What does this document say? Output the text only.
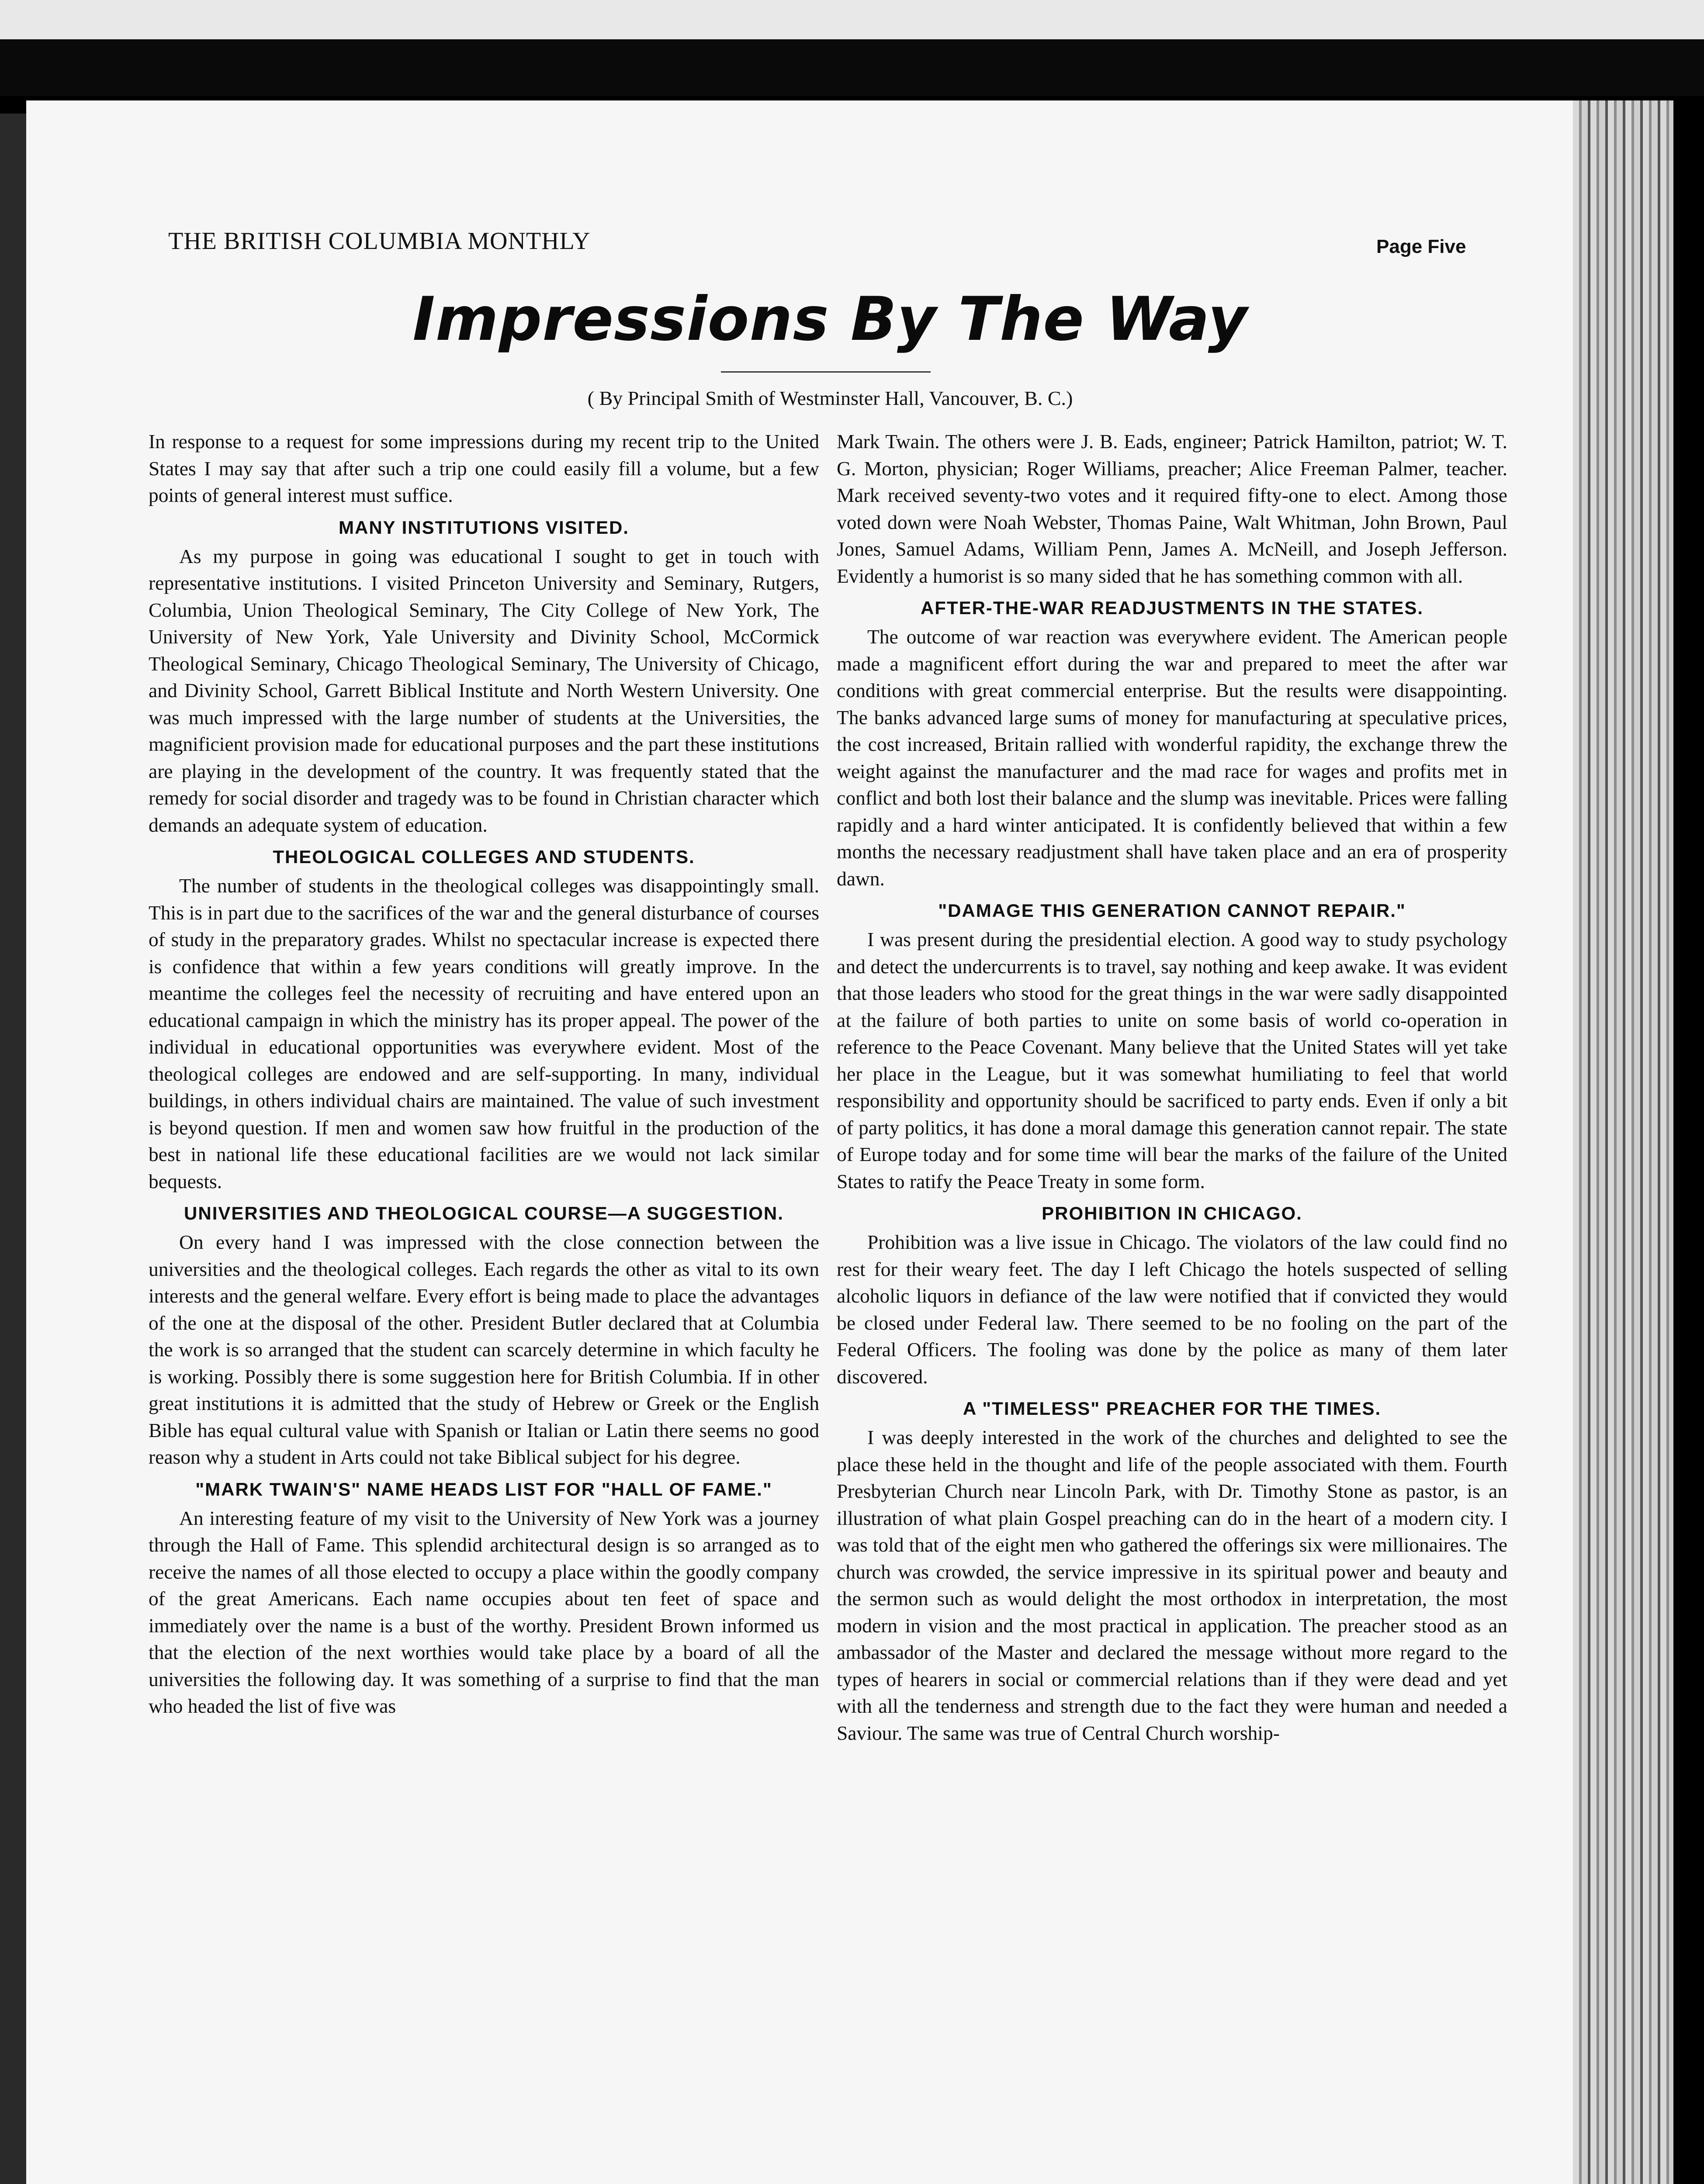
THE BRITISH COLUMBIA MONTHLY	Page Five
Impressions By The Way
( By Principal Smith of Westminster Hall, Vancouver, B. C.)

In response to a request for some impressions during my recent trip to the United States I may say that after such a trip one could easily fill a volume, but a few points of general interest must suffice.

MANY INSTITUTIONS VISITED.

As my purpose in going was educational I sought to get in touch with representative institutions. I visited Princeton University and Seminary, Rutgers, Columbia, Union Theological Seminary, The City College of New York, The University of New York, Yale University and Divinity School, McCormick Theological Seminary, Chicago Theological Seminary, The University of Chicago, and Divinity School, Garrett Biblical Institute and North Western University. One was much impressed with the large number of students at the Universities, the magnificient provision made for educational purposes and the part these institutions are playing in the development of the country. It was frequently stated that the remedy for social disorder and tragedy was to be found in Christian character which demands an adequate system of education.

THEOLOGICAL COLLEGES AND STUDENTS.

The number of students in the theological colleges was disappointingly small. This is in part due to the sacrifices of the war and the general disturbance of courses of study in the preparatory grades. Whilst no spectacular increase is expected there is confidence that within a few years conditions will greatly improve. In the meantime the colleges feel the necessity of recruiting and have entered upon an educational campaign in which the ministry has its proper appeal. The power of the individual in educational opportunities was everywhere evident. Most of the theological colleges are endowed and are self-supporting. In many, individual buildings, in others individual chairs are maintained. The value of such investment is beyond question. If men and women saw how fruitful in the production of the best in national life these educational facilities are we would not lack similar bequests.

UNIVERSITIES AND THEOLOGICAL COURSE—A SUGGESTION.

On every hand I was impressed with the close connection between the universities and the theological colleges. Each regards the other as vital to its own interests and the general welfare. Every effort is being made to place the advantages of the one at the disposal of the other. President Butler declared that at Columbia the work is so arranged that the student can scarcely determine in which faculty he is working. Possibly there is some suggestion here for British Columbia. If in other great institutions it is admitted that the study of Hebrew or Greek or the English Bible has equal cultural value with Spanish or Italian or Latin there seems no good reason why a student in Arts could not take Biblical subject for his degree.

"MARK TWAIN'S" NAME HEADS LIST FOR "HALL OF FAME."

An interesting feature of my visit to the University of New York was a journey through the Hall of Fame. This splendid architectural design is so arranged as to receive the names of all those elected to occupy a place within the goodly company of the great Americans. Each name occupies about ten feet of space and immediately over the name is a bust of the worthy. President Brown informed us that the election of the next worthies would take place by a board of all the universities the following day. It was something of a surprise to find that the man who headed the list of five was

Mark Twain. The others were J. B. Eads, engineer; Patrick Hamilton, patriot; W. T. G. Morton, physician; Roger Williams, preacher; Alice Freeman Palmer, teacher. Mark received seventy-two votes and it required fifty-one to elect. Among those voted down were Noah Webster, Thomas Paine, Walt Whitman, John Brown, Paul Jones, Samuel Adams, William Penn, James A. McNeill, and Joseph Jefferson. Evidently a humorist is so many sided that he has something common with all.

AFTER-THE-WAR READJUSTMENTS IN THE STATES.

The outcome of war reaction was everywhere evident. The American people made a magnificent effort during the war and prepared to meet the after war conditions with great commercial enterprise. But the results were disappointing. The banks advanced large sums of money for manufacturing at speculative prices, the cost increased, Britain rallied with wonderful rapidity, the exchange threw the weight against the manufacturer and the mad race for wages and profits met in conflict and both lost their balance and the slump was inevitable. Prices were falling rapidly and a hard winter anticipated. It is confidently believed that within a few months the necessary readjustment shall have taken place and an era of prosperity dawn.

"DAMAGE THIS GENERATION CANNOT REPAIR."

I was present during the presidential election. A good way to study psychology and detect the undercurrents is to travel, say nothing and keep awake. It was evident that those leaders who stood for the great things in the war were sadly disappointed at the failure of both parties to unite on some basis of world co-operation in reference to the Peace Covenant. Many believe that the United States will yet take her place in the League, but it was somewhat humiliating to feel that world responsibility and opportunity should be sacrificed to party ends. Even if only a bit of party politics, it has done a moral damage this generation cannot repair. The state of Europe today and for some time will bear the marks of the failure of the United States to ratify the Peace Treaty in some form.

PROHIBITION IN CHICAGO.

Prohibition was a live issue in Chicago. The violators of the law could find no rest for their weary feet. The day I left Chicago the hotels suspected of selling alcoholic liquors in defiance of the law were notified that if convicted they would be closed under Federal law. There seemed to be no fooling on the part of the Federal Officers. The fooling was done by the police as many of them later discovered.

A "TIMELESS" PREACHER FOR THE TIMES.

I was deeply interested in the work of the churches and delighted to see the place these held in the thought and life of the people associated with them. Fourth Presbyterian Church near Lincoln Park, with Dr. Timothy Stone as pastor, is an illustration of what plain Gospel preaching can do in the heart of a modern city. I was told that of the eight men who gathered the offerings six were millionaires. The church was crowded, the service impressive in its spiritual power and beauty and the sermon such as would delight the most orthodox in interpretation, the most modern in vision and the most practical in application. The preacher stood as an ambassador of the Master and declared the message without more regard to the types of hearers in social or commercial relations than if they were dead and yet with all the tenderness and strength due to the fact they were human and needed a Saviour. The same was true of Central Church worship-
